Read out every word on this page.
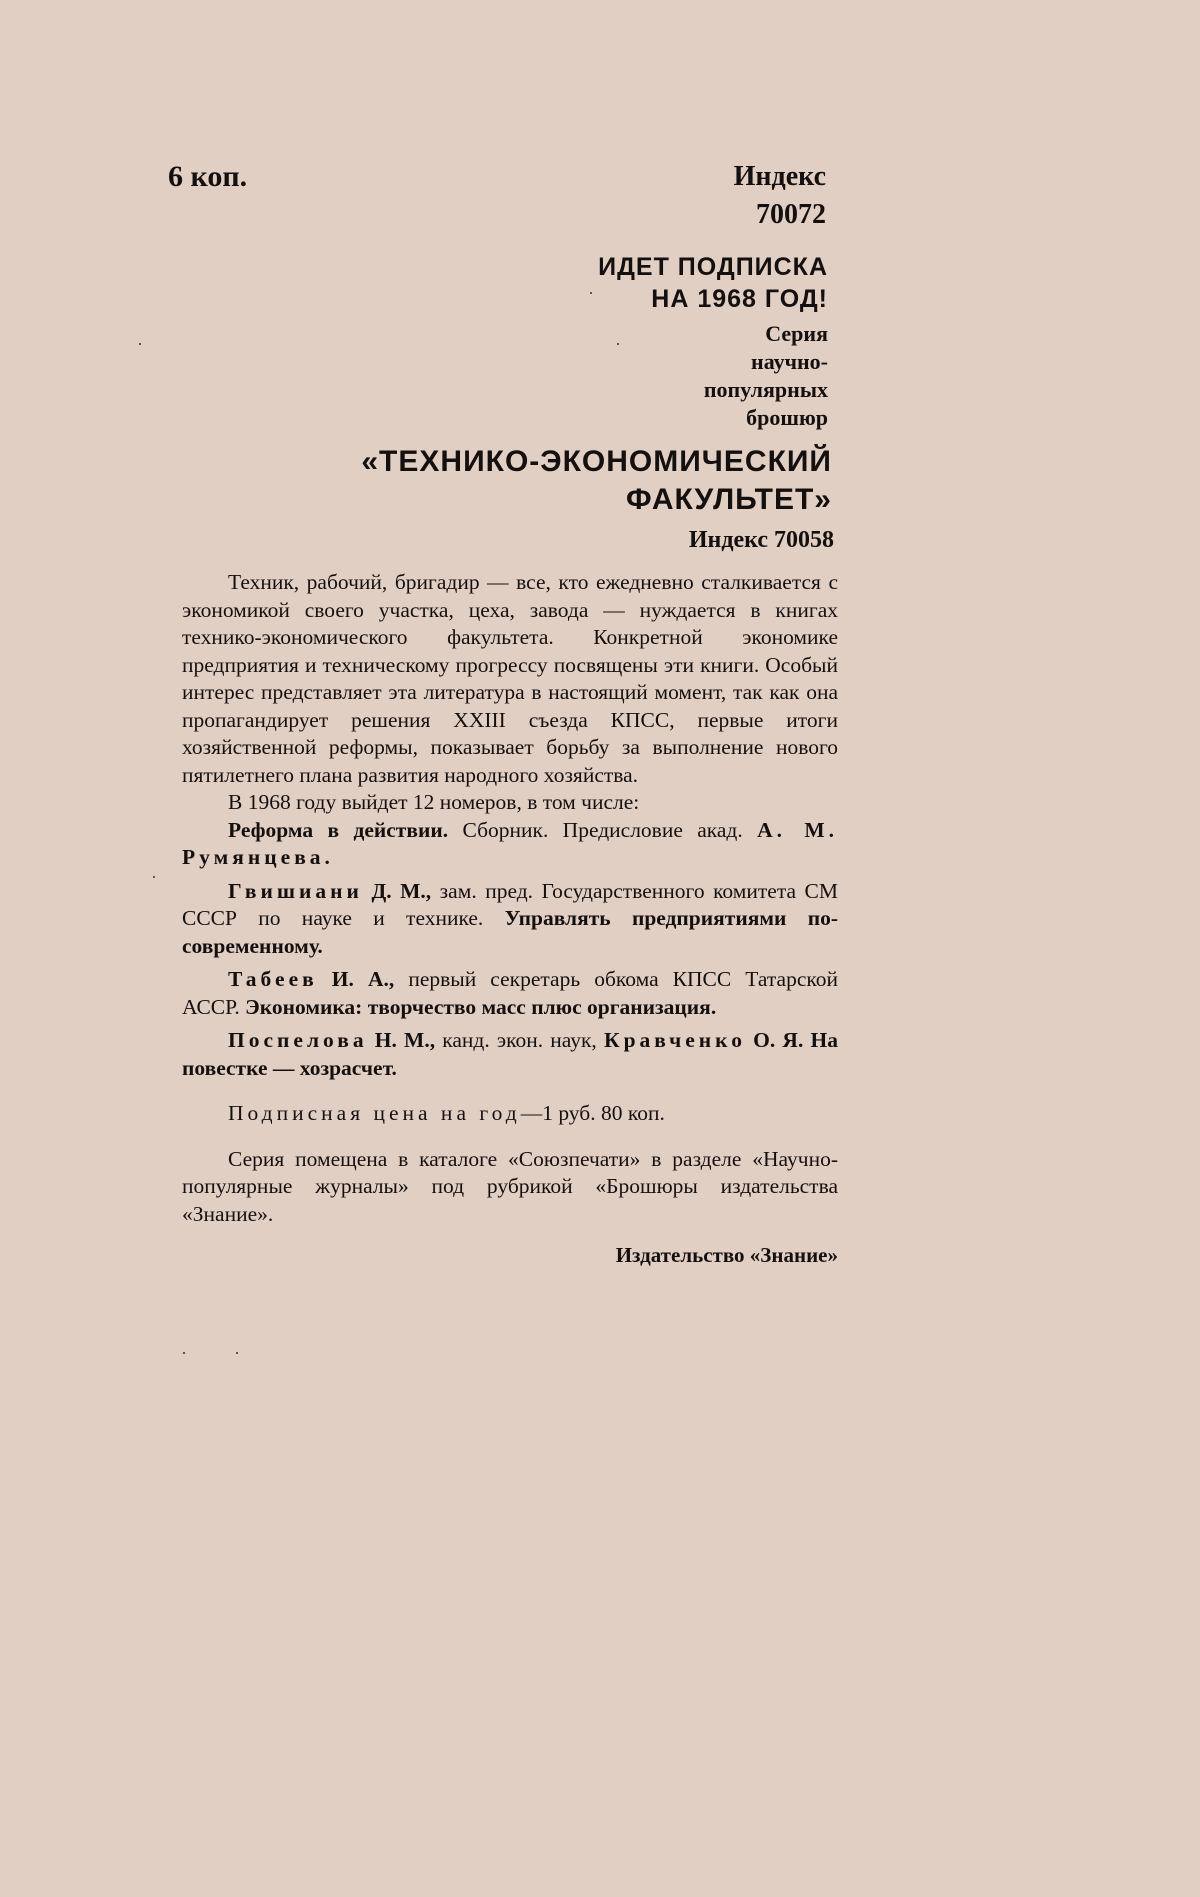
6 коп.	Индекс
70072
ИДЕТ ПОДПИСКА
НА 1968 ГОД!
Серия
научно-
популярных
брошюр
«ТЕХНИКО-ЭКОНОМИЧЕСКИЙ
ФАКУЛЬТЕТ»
Индекс 70058

Техник, рабочий, бригадир — все, кто ежедневно сталкивается с экономикой своего участка, цеха, завода — нуждается в книгах технико-экономического факультета. Конкретной экономике предприятия и техническому прогрессу посвящены эти книги. Особый интерес представляет эта литература в настоящий момент, так как она пропагандирует решения XXIII съезда КПСС, первые итоги хозяйственной реформы, показывает борьбу за выполнение нового пятилетнего плана развития народного хозяйства.

В 1968 году выйдет 12 номеров, в том числе:

Реформа в действии. Сборник. Предисловие акад. А. М. Румянцева.

Гвишиани Д. М., зам. пред. Государственного комитета СМ СССР по науке и технике. Управлять предприятиями по-современному.

Табеев И. А., первый секретарь обкома КПСС Татарской АССР. Экономика: творчество масс плюс организация.

Поспелова Н. М., канд. экон. наук, Кравченко О. Я. На повестке — хозрасчет.

Подписная цена на год—1 руб. 80 коп.

Серия помещена в каталоге «Союзпечати» в разделе «Научно-популярные журналы» под рубрикой «Брошюры издательства «Знание».

Издательство «Знание»
